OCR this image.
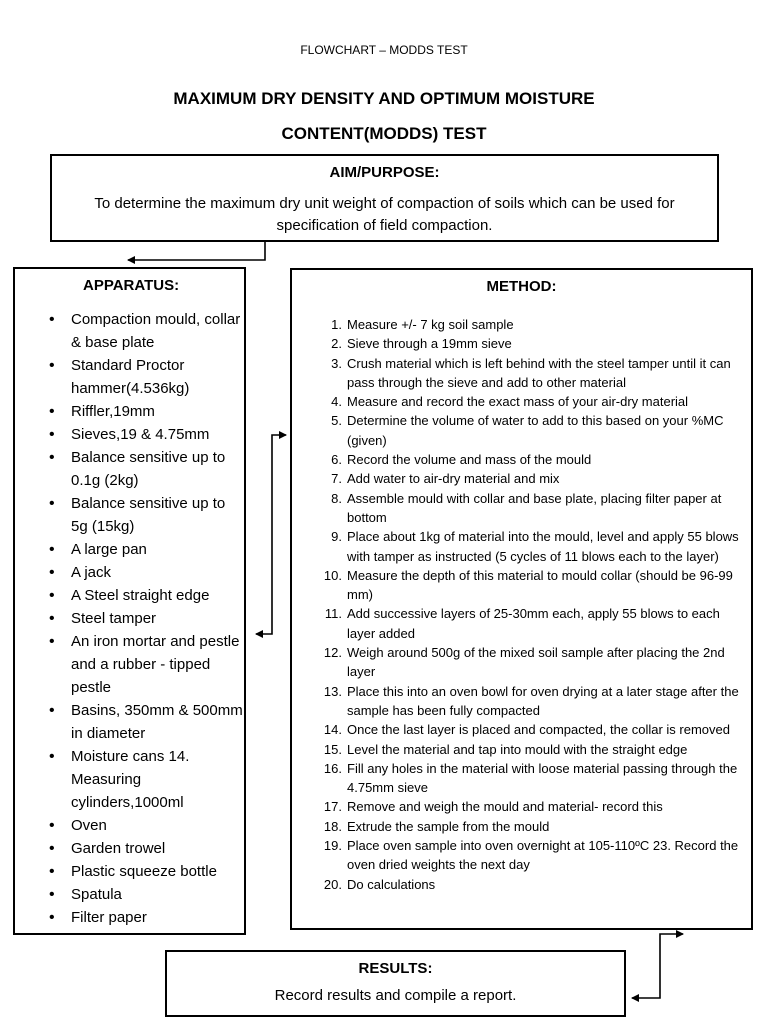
FLOWCHART – MODDS TEST
MAXIMUM DRY DENSITY AND OPTIMUM MOISTURE
CONTENT(MODDS) TEST
AIM/PURPOSE:
To determine the maximum dry unit weight of compaction of soils which can be used for specification of field compaction.
APPARATUS:
• Compaction mould, collar & base plate
• Standard Proctor hammer(4.536kg)
• Riffler,19mm
• Sieves,19 & 4.75mm
• Balance sensitive up to 0.1g (2kg)
• Balance sensitive up to 5g (15kg)
• A large pan
• A jack
• A Steel straight edge
• Steel tamper
• An iron mortar and pestle and a rubber - tipped pestle
• Basins, 350mm & 500mm in diameter
• Moisture cans 14. Measuring cylinders,1000ml
• Oven
• Garden trowel
• Plastic squeeze bottle
• Spatula
• Filter paper
METHOD:
1. Measure +/- 7 kg soil sample
2. Sieve through a 19mm sieve
3. Crush material which is left behind with the steel tamper until it can pass through the sieve and add to other material
4. Measure and record the exact mass of your air-dry material
5. Determine the volume of water to add to this based on your %MC (given)
6. Record the volume and mass of the mould
7. Add water to air-dry material and mix
8. Assemble mould with collar and base plate, placing filter paper at bottom
9. Place about 1kg of material into the mould, level and apply 55 blows with tamper as instructed (5 cycles of 11 blows each to the layer)
10. Measure the depth of this material to mould collar (should be 96-99 mm)
11. Add successive layers of 25-30mm each, apply 55 blows to each layer added
12. Weigh around 500g of the mixed soil sample after placing the 2nd layer
13. Place this into an oven bowl for oven drying at a later stage after the sample has been fully compacted
14. Once the last layer is placed and compacted, the collar is removed
15. Level the material and tap into mould with the straight edge
16. Fill any holes in the material with loose material passing through the 4.75mm sieve
17. Remove and weigh the mould and material- record this
18. Extrude the sample from the mould
19. Place oven sample into oven overnight at 105-110ºC 23. Record the oven dried weights the next day
20. Do calculations
RESULTS:
Record results and compile a report.
